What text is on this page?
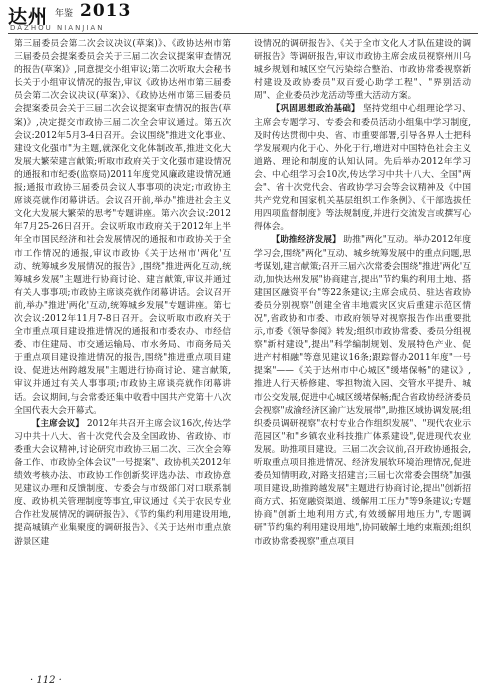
达州 年鉴 2013
DAZHOU NIANJIAN

第三届委员会第二次会议决议(草案)》、《政协达州市第三届委员会提案委员会关于三届二次会议提案审查情况的报告(草案)》,同意提交小组审议;第二次听取大会秘书长关于小组审议情况的报告,审议《政协达州市第三届委员会第二次会议决议(草案)》、《政协达州市第三届委员会提案委员会关于三届二次会议提案审查情况的报告(草案)》,决定提交市政协三届二次全会审议通过。第五次会议:2012年5月3-4日召开。会议围绕"推进文化事业、建设文化强市"为主题,就深化文化体制改革,推进文化大发展大繁荣建言献策;听取市政府关于文化强市建设情况的通报和市纪委(监察局)2011年度党风廉政建设情况通报;通报市政协三届委员会议人事事项的决定;市政协主席谈亮就作闭幕讲话。会议召开前,举办"推进社会主义文化大发展大繁荣的思考"专题讲座。第六次会议:2012年7月25-26日召开。会议听取市政府关于2012年上半年全市国民经济和社会发展情况的通报和市政协关于全市工作情况的通报,审议市政协《关于达州市'两化'互动、统筹城乡发展情况的报告》,围绕"推进两化互动,统筹城乡发展"主题进行协商讨论、建言献策,审议并通过有关人事事项;市政协主席谈亮就作闭幕讲话。会议召开前,举办"推进'两化'互动,统筹城乡发展"专题讲座。第七次会议:2012年11月7-8日召开。会议听取市政府关于全市重点项目建设推进情况的通报和市委农办、市经信委、市住建局、市交通运输局、市水务局、市商务局关于重点项目建设推进情况的报告,围绕"推进重点项目建设、促进达州跨越发展"主题进行协商讨论、建言献策,审议并通过有关人事事项;市政协主席谈亮就作闭幕讲话。会议期间,与会常委还集中收看中国共产党第十八次全国代表大会开幕式。

【主席会议】 2012年共召开主席会议16次,传达学习中共十八大、省十次党代会及全国政协、省政协、市委重大会议精神,讨论研究市政协三届二次、三次全会筹备工作、市政协全体会议"一号提案"、政协机关2012年绩效考核办法、市政协工作创新奖评选办法、市政协意见建议办理和反馈制度、专委会与市级部门对口联系制度、政协机关管理制度等事宜,审议通过《关于农民专业合作社发展情况的调研报告》、《节约集约利用建设用地,提高城镇产业集聚度的调研报告》、《关于达州市重点旅游景区建

设情况的调研报告》、《关于全市文化人才队伍建设的调研报告》等调研报告,审议市政协主席会成员视察州川乌城乡规划和城区空气污染综合整治、市政协常委视察新村建设及政协委员"双百爱心助学工程"、"界别活动周"、企业委员沙龙活动等重大活动方案。

【巩固思想政治基础】 坚持党组中心组理论学习、主席会专题学习、专委会和委员活动小组集中学习制度,及时传达贯彻中央、省、市重要部署,引导各界人士把科学发展观内化于心、外化于行,增进对中国特色社会主义道路、理论和制度的认知认同。先后举办2012年学习会、中心组学习会10次,传达学习中共十八大、全国"两会"、省十次党代会、省政协学习会等会议精神及《中国共产党党和国家机关基层组织工作条例》、《干部选拔任用四项监督制度》等法规制度,并进行交流发言或撰写心得体会。

【助推经济发展】 助推"两化"互动。举办2012年度学习会,围绕"两化"互动、城乡统筹发展中的重点问题,思考谋划,建言献策;召开三届六次常委会围绕"推进'两化'互动,加快达州发展"协商建言,提出"节约集约利用土地、搭建国区融资平台"等22条建议;主席会成员、驻达省政协委员分别视察"创建全省丰地震灾区灾后重建示范区情况",省政协和市委、市政府领导对视察报告作出重要批示,市委《领导参阅》转发;组织市政协常委、委员分组视察"新村建设",提出"科学编制规划、发展特色产业、促进产村相融"等意见建议16条;跟踪督办2011年度"一号提案"——《关于达州市中心城区"缓堵保畅"的建议》,推进人行天桥修建、零担物流入园、交管水平提升、城市公交发展,促进中心城区缓堵保畅;配合省政协经济委员会视察"成渝经济区渝广达发展带",助推区域协调发展;组织委员调研视察"农村专业合作组织发展"、"现代农业示范园区"和"乡镇农业科技推广体系建设",促进现代农业发展。助推项目建设。三届二次会议前,召开政协通报会,听取重点项目推进情况、经济发展软环境治理情况,促进委员知情明政,对路支招建言;三届七次常委会围绕"加强项目建设,助推跨越发展"主题进行协商讨论,提出"创新招商方式、拓宽融资渠道、缓解用工压力"等9条建议;专题协商"创新土地利用方式,有效缓解用地压力",专题调研"节约集约利用建设用地",协同破解土地约束瓶颈;组织市政协常委视察"重点项目

· 112 ·
